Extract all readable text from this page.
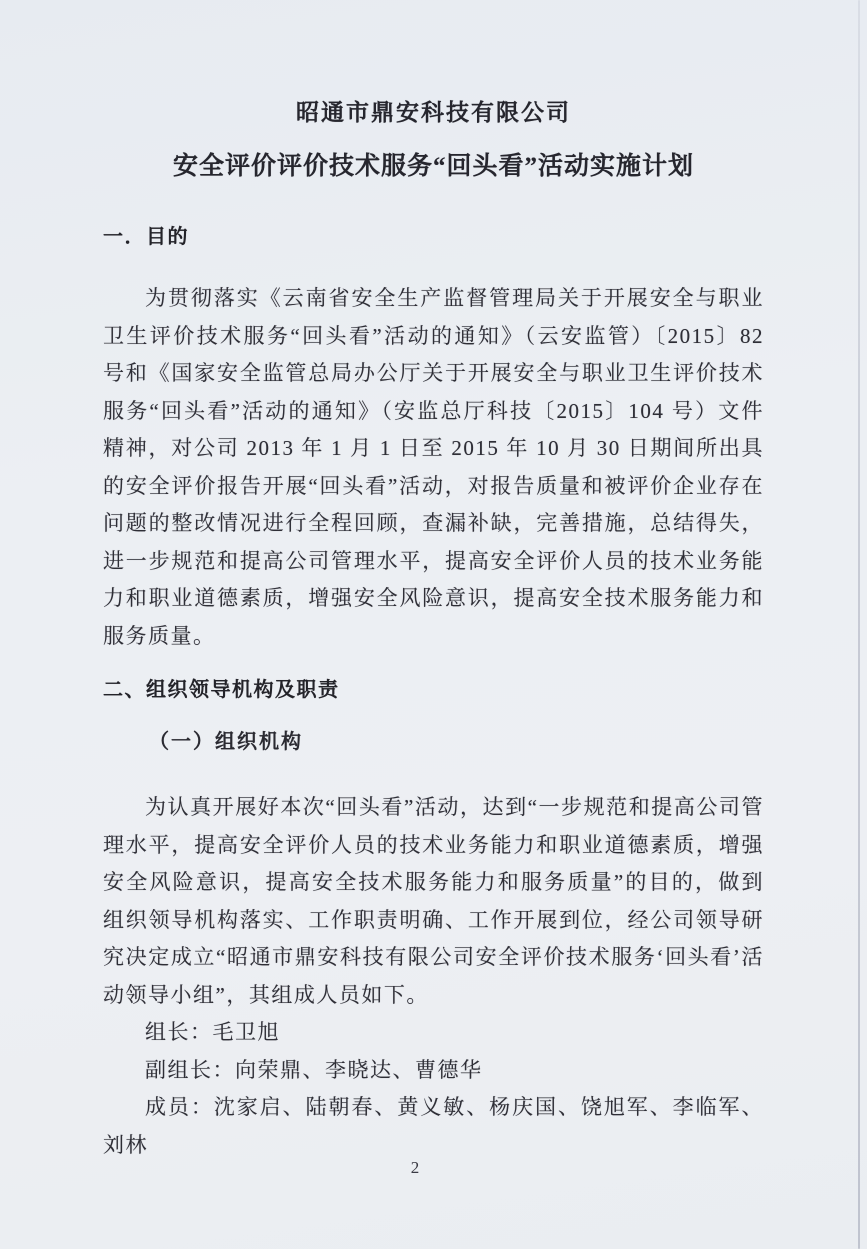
昭通市鼎安科技有限公司
安全评价评价技术服务“回头看”活动实施计划
一．目的

为贯彻落实《云南省安全生产监督管理局关于开展安全与职业卫生评价技术服务“回头看”活动的通知》（云安监管）〔2015〕82 号和《国家安全监管总局办公厅关于开展安全与职业卫生评价技术服务“回头看”活动的通知》（安监总厅科技〔2015〕104 号）文件精神，对公司 2013 年 1 月 1 日至 2015 年 10 月 30 日期间所出具的安全评价报告开展“回头看”活动，对报告质量和被评价企业存在问题的整改情况进行全程回顾，查漏补缺，完善措施，总结得失，进一步规范和提高公司管理水平，提高安全评价人员的技术业务能力和职业道德素质，增强安全风险意识，提高安全技术服务能力和服务质量。

二、组织领导机构及职责
（一）组织机构

为认真开展好本次“回头看”活动，达到“一步规范和提高公司管理水平，提高安全评价人员的技术业务能力和职业道德素质，增强安全风险意识，提高安全技术服务能力和服务质量”的目的，做到组织领导机构落实、工作职责明确、工作开展到位，经公司领导研究决定成立“昭通市鼎安科技有限公司安全评价技术服务‘回头看’活动领导小组”，其组成人员如下。

组长：毛卫旭

副组长：向荣鼎、李晓达、曹德华

成员：沈家启、陆朝春、黄义敏、杨庆国、饶旭军、李临军、刘林

2
